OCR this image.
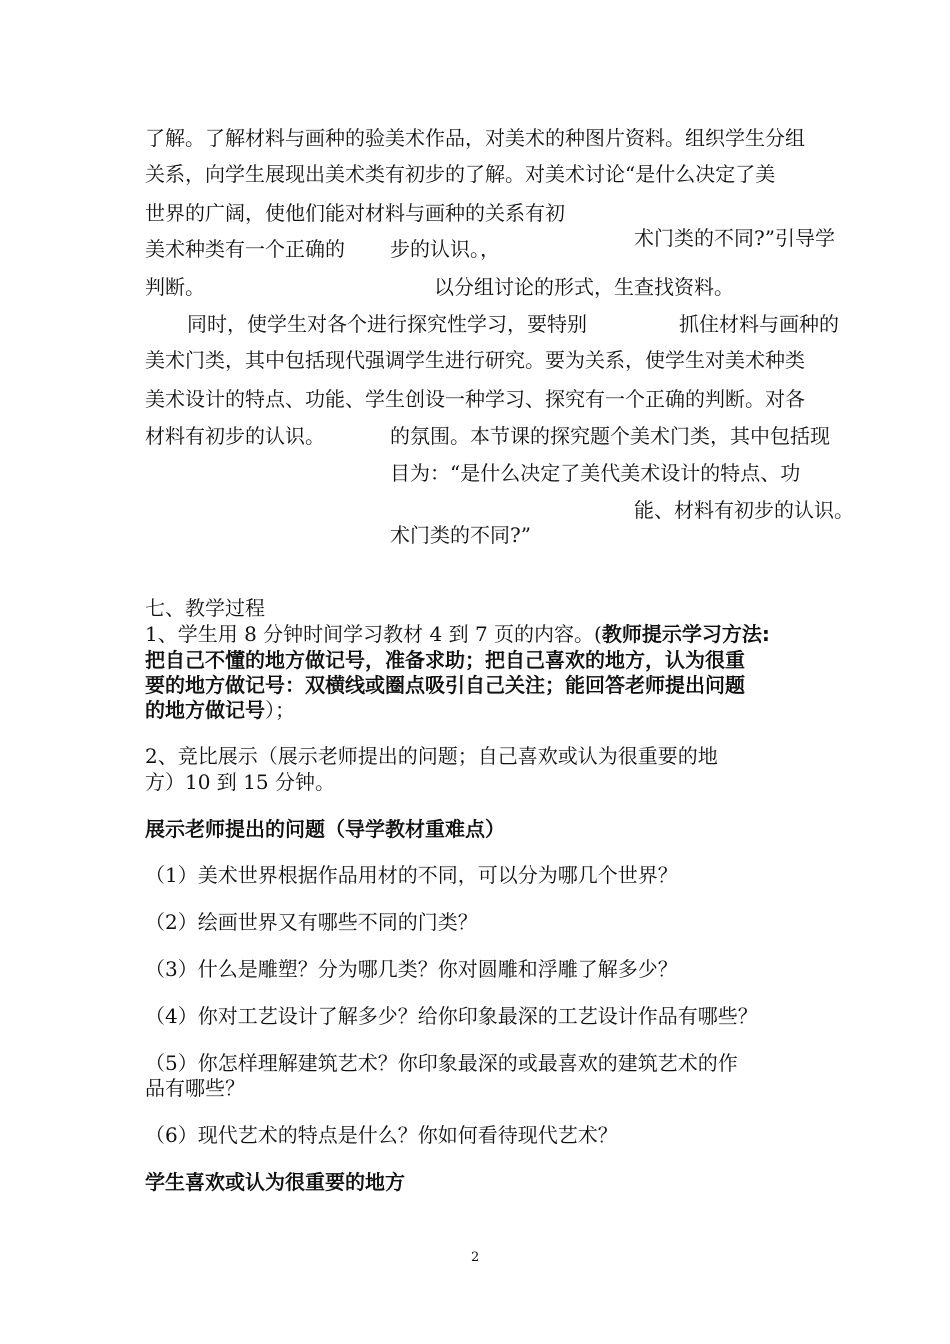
了解。了解材料与画种的验美术作品，对美术的种图片资料。组织学生分组
关系，向学生展现出美术类有初步的了解。对美术讨论“是什么决定了美
世界的广阔，使他们能对材料与画种的关系有初
美术种类有一个正确的 步的认识。，	术门类的不同?”引导学
判断。	以分组讨论的形式，生查找资料。
同时，使学生对各个进行探究性学习，要特别	抓住材料与画种的
美术门类，其中包括现代强调学生进行研究。要为关系，使学生对美术种类
美术设计的特点、功能、学生创设一种学习、探究有一个正确的判断。对各
材料有初步的认识。	的氛围。本节课的探究题个美术门类，其中包括现
目为：“是什么决定了美代美术设计的特点、功
能、材料有初步的认识。
术门类的不同?”
七、教学过程
1、学生用 8 分钟时间学习教材 4 到 7 页的内容。(教师提示学习方法:
把自己不懂的地方做记号，准备求助；把自己喜欢的地方，认为很重
要的地方做记号：双横线或圈点吸引自己关注；能回答老师提出问题
的地方做记号）；
2、竞比展示（展示老师提出的问题；自己喜欢或认为很重要的地
方）10 到 15 分钟。
展示老师提出的问题（导学教材重难点）
（1）美术世界根据作品用材的不同，可以分为哪几个世界？
（2）绘画世界又有哪些不同的门类？
（3）什么是雕塑？分为哪几类？你对圆雕和浮雕了解多少？
（4）你对工艺设计了解多少？给你印象最深的工艺设计作品有哪些？
（5）你怎样理解建筑艺术？你印象最深的或最喜欢的建筑艺术的作
品有哪些？
（6）现代艺术的特点是什么？你如何看待现代艺术？
学生喜欢或认为很重要的地方
2
